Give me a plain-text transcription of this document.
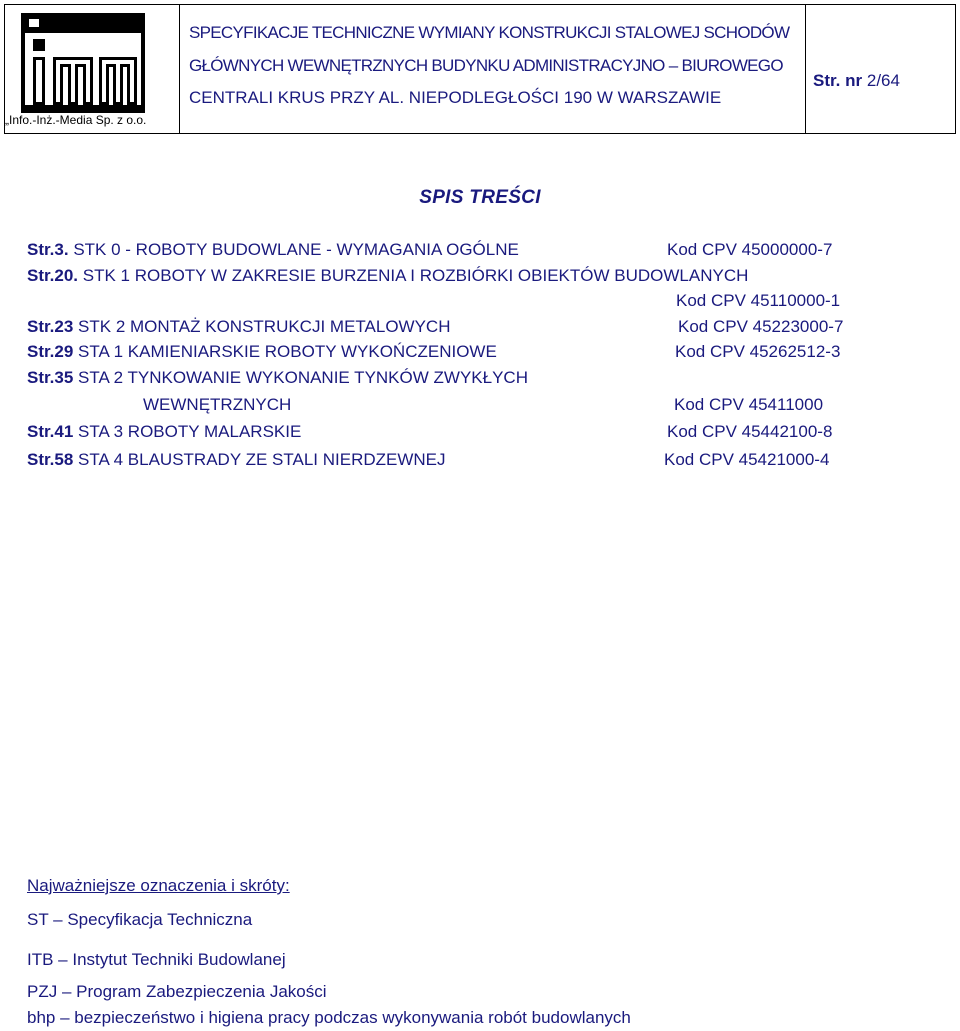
„Info.-Inż.-Media Sp. z o.o.
SPECYFIKACJE TECHNICZNE WYMIANY KONSTRUKCJI STALOWEJ SCHODÓW
GŁÓWNYCH WEWNĘTRZNYCH BUDYNKU ADMINISTRACYJNO – BIUROWEGO
CENTRALI KRUS PRZY AL. NIEPODLEGŁOŚCI 190 W WARSZAWIE
Str. nr 2/64
SPIS TREŚCI
Str.3. STK 0 - ROBOTY BUDOWLANE - WYMAGANIA OGÓLNE	Kod CPV 45000000-7
Str.20. STK 1 ROBOTY W ZAKRESIE BURZENIA I ROZBIÓRKI OBIEKTÓW BUDOWLANYCH
Kod CPV 45110000-1
Str.23 STK 2 MONTAŻ KONSTRUKCJI METALOWYCH	Kod CPV 45223000-7
Str.29 STA 1 KAMIENIARSKIE ROBOTY WYKOŃCZENIOWE	Kod CPV 45262512-3
Str.35 STA 2 TYNKOWANIE WYKONANIE TYNKÓW ZWYKŁYCH
WEWNĘTRZNYCH	Kod CPV 45411000
Str.41 STA 3 ROBOTY MALARSKIE	Kod CPV 45442100-8
Str.58 STA 4 BLAUSTRADY ZE STALI NIERDZEWNEJ	Kod CPV 45421000-4
Najważniejsze oznaczenia i skróty:
ST – Specyfikacja Techniczna
ITB – Instytut Techniki Budowlanej
PZJ – Program Zabezpieczenia Jakości
bhp – bezpieczeństwo i higiena pracy podczas wykonywania robót budowlanych
